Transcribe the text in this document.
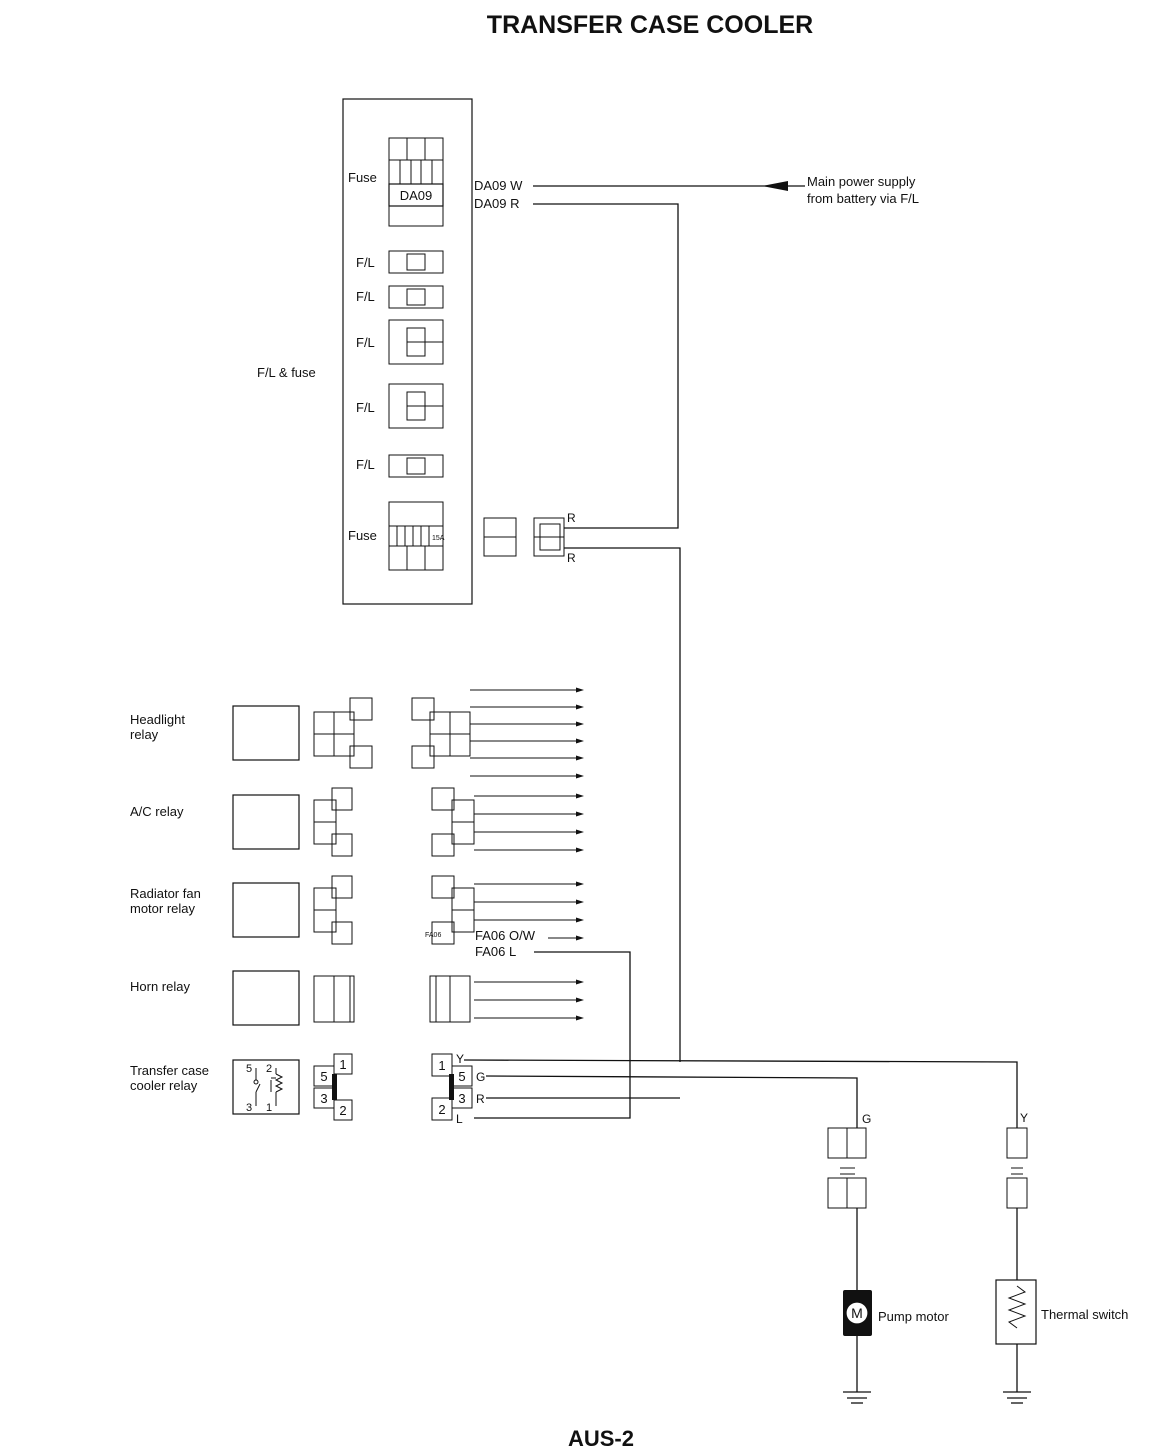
TRANSFER CASE COOLER
DA09
Fuse
F/L
F/L
F/L
F/L
F/L
15A
Fuse
F/L & fuse
DA09 W
DA09 R
Main power supply
from battery via F/L
R
R
Headlight
relay
A/C relay
Radiator fan
motor relay
Horn relay
Transfer case
cooler relay
FA06	FA06 O/W
FA06 L
5 2
3 1
5
3
1
2
1
2
5
3
Y
G
R
L	G
M Pump motor
Y
Thermal switch
AUS-2
